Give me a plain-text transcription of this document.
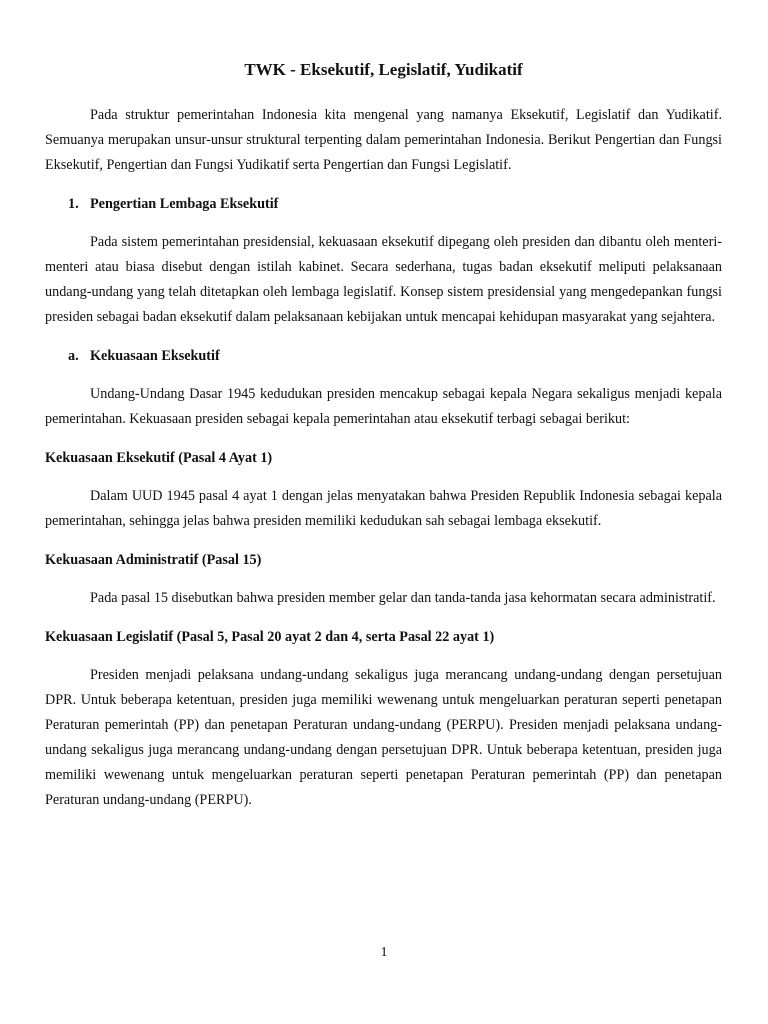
TWK - Eksekutif, Legislatif, Yudikatif

Pada struktur pemerintahan Indonesia kita mengenal yang namanya Eksekutif, Legislatif dan Yudikatif. Semuanya merupakan unsur-unsur struktural terpenting dalam pemerintahan Indonesia. Berikut Pengertian dan Fungsi Eksekutif, Pengertian dan Fungsi Yudikatif serta Pengertian dan Fungsi Legislatif.

1. Pengertian Lembaga Eksekutif

Pada sistem pemerintahan presidensial, kekuasaan eksekutif dipegang oleh presiden dan dibantu oleh menteri-menteri atau biasa disebut dengan istilah kabinet. Secara sederhana, tugas badan eksekutif meliputi pelaksanaan undang-undang yang telah ditetapkan oleh lembaga legislatif. Konsep sistem presidensial yang mengedepankan fungsi presiden sebagai badan eksekutif dalam pelaksanaan kebijakan untuk mencapai kehidupan masyarakat yang sejahtera.

a. Kekuasaan Eksekutif

Undang-Undang Dasar 1945 kedudukan presiden mencakup sebagai kepala Negara sekaligus menjadi kepala pemerintahan. Kekuasaan presiden sebagai kepala pemerintahan atau eksekutif terbagi sebagai berikut:

Kekuasaan Eksekutif (Pasal 4 Ayat 1)

Dalam UUD 1945 pasal 4 ayat 1 dengan jelas menyatakan bahwa Presiden Republik Indonesia sebagai kepala pemerintahan, sehingga jelas bahwa presiden memiliki kedudukan sah sebagai lembaga eksekutif.

Kekuasaan Administratif (Pasal 15)

Pada pasal 15 disebutkan bahwa presiden member gelar dan tanda-tanda jasa kehormatan secara administratif.

Kekuasaan Legislatif (Pasal 5, Pasal 20 ayat 2 dan 4, serta Pasal 22 ayat 1)

Presiden menjadi pelaksana undang-undang sekaligus juga merancang undang-undang dengan persetujuan DPR. Untuk beberapa ketentuan, presiden juga memiliki wewenang untuk mengeluarkan peraturan seperti penetapan Peraturan pemerintah (PP) dan penetapan Peraturan undang-undang (PERPU). Presiden menjadi pelaksana undang-undang sekaligus juga merancang undang-undang dengan persetujuan DPR. Untuk beberapa ketentuan, presiden juga memiliki wewenang untuk mengeluarkan peraturan seperti penetapan Peraturan pemerintah (PP) dan penetapan Peraturan undang-undang (PERPU).

1
